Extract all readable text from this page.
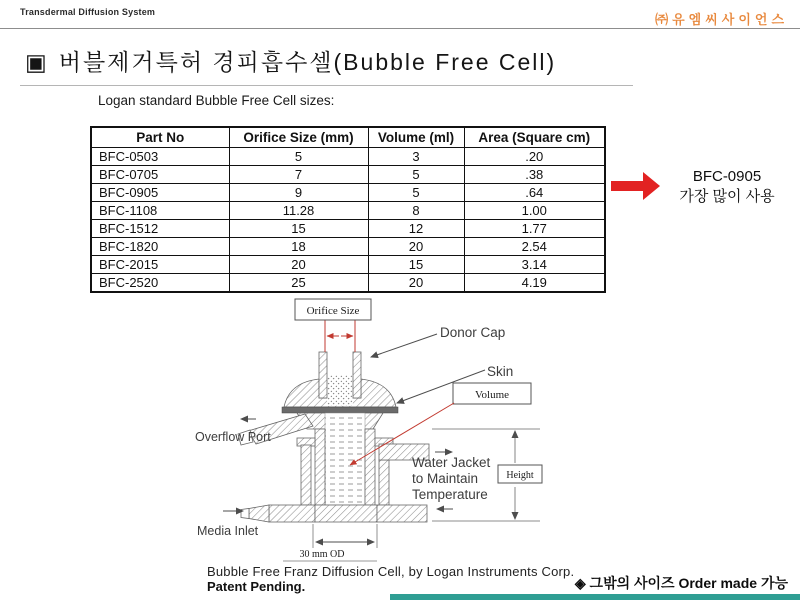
Transdermal Diffusion System	㈜유엠씨사이언스
▣ 버블제거특허 경피흡수셀(Bubble Free Cell)
Logan standard Bubble Free Cell sizes:
Part No	Orifice Size (mm)	Volume (ml)	Area (Square cm)
BFC-0503	5	3	.20
BFC-0705	7	5	.38
BFC-0905	9	5	.64
BFC-1108	11.28	8	1.00
BFC-1512	15	12	1.77
BFC-1820	18	20	2.54
BFC-2015	20	15	3.14
BFC-2520	25	20	4.19
BFC-0905
가장 많이 사용
Orifice Size
Volume
Height
30 mm OD
Donor Cap
Skin
Overflow Port
Water Jacket
to Maintain
Temperature
Media Inlet
Bubble Free Franz Diffusion Cell, by Logan Instruments Corp.
Patent Pending.	◈ 그밖의 사이즈 Order made 가능
